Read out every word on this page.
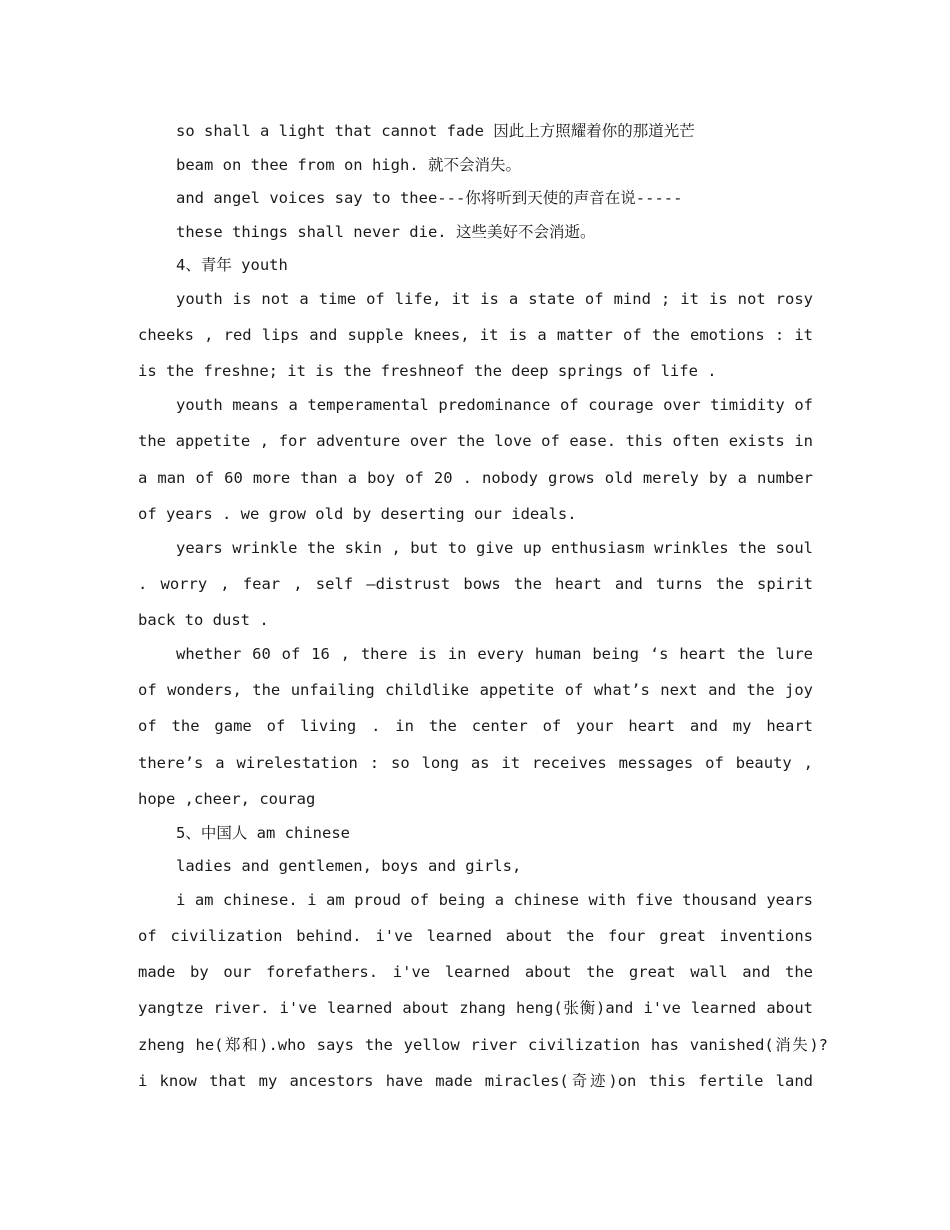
so shall a light that cannot fade 因此上方照耀着你的那道光芒
beam on thee from on high. 就不会消失。
and angel voices say to thee---你将听到天使的声音在说-----
these things shall never die. 这些美好不会消逝。
4、青年 youth
youth is not a time of life, it is a state of mind ; it is not rosy
cheeks , red lips and supple knees, it is a matter of the emotions : it
is the freshne; it is the freshneof the deep springs of life .
youth means a temperamental predominance of courage over timidity of
the appetite , for adventure over the love of ease. this often exists in
a man of 60 more than a boy of 20 . nobody grows old merely by a number
of years . we grow old by deserting our ideals.
years wrinkle the skin , but to give up enthusiasm wrinkles the soul
. worry , fear , self –distrust bows the heart and turns the spirit
back to dust .
whether 60 of 16 , there is in every human being ‘s heart the lure
of wonders, the unfailing childlike appetite of what’s next and the joy
of the game of living . in the center of your heart and my heart
there’s a wirelestation : so long as it receives messages of beauty ,
hope ,cheer, courag
5、中国人 am chinese
ladies and gentlemen, boys and girls,
i am chinese. i am proud of being a chinese with five thousand years
of civilization behind. i've learned about the four great inventions
made by our forefathers. i've learned about the great wall and the
yangtze river. i've learned about zhang heng(张衡)and i've learned about
zheng he(郑和).who says the yellow river civilization has vanished(消失)?
i know that my ancestors have made miracles(奇迹)on this fertile land
